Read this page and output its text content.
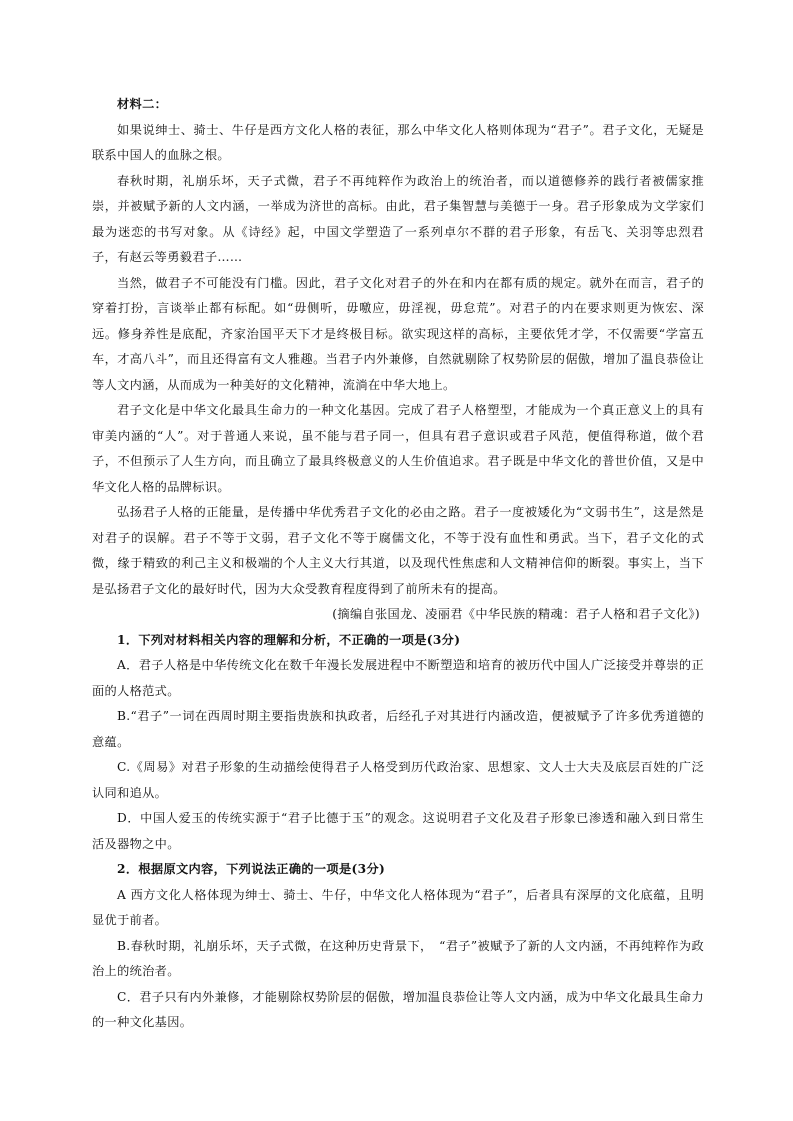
材料二：

如果说绅士、骑士、牛仔是西方文化人格的表征，那么中华文化人格则体现为“君子”。君子文化，无疑是联系中国人的血脉之根。

春秋时期，礼崩乐坏，天子式微，君子不再纯粹作为政治上的统治者，而以道德修养的践行者被儒家推崇，并被赋予新的人文内涵，一举成为济世的高标。由此，君子集智慧与美德于一身。君子形象成为文学家们最为迷恋的书写对象。从《诗经》起，中国文学塑造了一系列卓尔不群的君子形象，有岳飞、关羽等忠烈君子，有赵云等勇毅君子……

当然，做君子不可能没有门槛。因此，君子文化对君子的外在和内在都有质的规定。就外在而言，君子的穿着打扮，言谈举止都有标配。如“毋侧听，毋噭应，毋淫视，毋怠荒”。对君子的内在要求则更为恢宏、深远。修身养性是底配，齐家治国平天下才是终极目标。欲实现这样的高标，主要依凭才学，不仅需要“学富五车，才高八斗”，而且还得富有文人雅趣。当君子内外兼修，自然就剔除了权势阶层的倨傲，增加了温良恭俭让等人文内涵，从而成为一种美好的文化精神，流淌在中华大地上。

君子文化是中华文化最具生命力的一种文化基因。完成了君子人格塑型，才能成为一个真正意义上的具有审美内涵的“人”。对于普通人来说，虽不能与君子同一，但具有君子意识或君子风范，便值得称道，做个君子，不但预示了人生方向，而且确立了最具终极意义的人生价值追求。君子既是中华文化的普世价值，又是中华文化人格的品牌标识。

弘扬君子人格的正能量，是传播中华优秀君子文化的必由之路。君子一度被矮化为“文弱书生”，这是然是对君子的误解。君子不等于文弱，君子文化不等于腐儒文化，不等于没有血性和勇武。当下，君子文化的式微，缘于精致的利己主义和极端的个人主义大行其道，以及现代性焦虑和人文精神信仰的断裂。事实上，当下是弘扬君子文化的最好时代，因为大众受教育程度得到了前所未有的提高。

(摘编自张国龙、凌丽君《中华民族的精魂：君子人格和君子文化》)

1．下列对材料相关内容的理解和分析，不正确的一项是(3分)

A．君子人格是中华传统文化在数千年漫长发展进程中不断塑造和培育的被历代中国人广泛接受并尊崇的正面的人格范式。

B.“君子”一词在西周时期主要指贵族和执政者，后经孔子对其进行内涵改造，便被赋予了许多优秀道德的意蕴。

C.《周易》对君子形象的生动描绘使得君子人格受到历代政治家、思想家、文人士大夫及底层百姓的广泛认同和追从。

D．中国人爱玉的传统实源于“君子比德于玉”的观念。这说明君子文化及君子形象已渗透和融入到日常生活及器物之中。

2．根据原文内容，下列说法正确的一项是(3分)

A 西方文化人格体现为绅士、骑士、牛仔，中华文化人格体现为“君子”，后者具有深厚的文化底蕴，且明显优于前者。

B.春秋时期，礼崩乐坏，天子式微，在这种历史背景下，　“君子”被赋予了新的人文内涵，不再纯粹作为政治上的统治者。

C．君子只有内外兼修，才能剔除权势阶层的倨傲，增加温良恭俭让等人文内涵，成为中华文化最具生命力的一种文化基因。
